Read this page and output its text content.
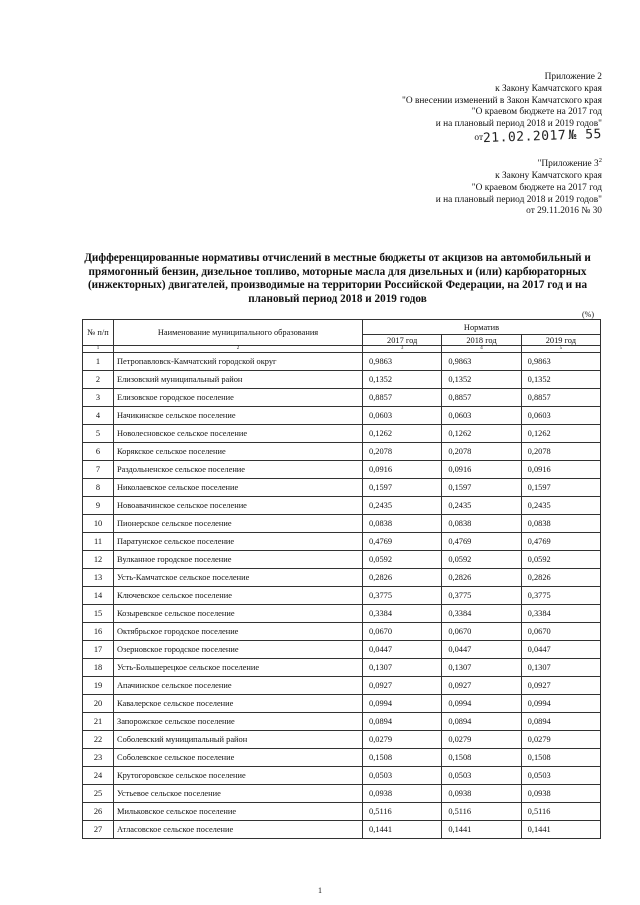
Приложение 2
к Закону Камчатского края
"О внесении изменений в Закон Камчатского края
"О краевом бюджете на 2017 год
и на плановый период 2018 и 2019 годов"
от21.02.2017 № 55
"Приложение $3^2$
к Закону Камчатского края
"О краевом бюджете на 2017 год
и на плановый период 2018 и 2019 годов"
от 29.11.2016 № 30
Дифференцированные нормативы отчислений в местные бюджеты от акцизов на автомобильный и прямогонный бензин, дизельное топливо, моторные масла для дизельных и (или) карбюраторных (инжекторных) двигателей, производимые на территории Российской Федерации, на 2017 год и на плановый период 2018 и 2019 годов
(%)
№ п/п	Наименование муниципального образования	Норматив		
		2017 год	2018 год	2019 год
1	2	3	4	5
1	Петропавловск-Камчатский городской округ	0,9863	0,9863	0,9863
2	Елизовский муниципальный район	0,1352	0,1352	0,1352
3	Елизовское городское поселение	0,8857	0,8857	0,8857
4	Начикинское сельское поселение	0,0603	0,0603	0,0603
5	Новолесновское сельское поселение	0,1262	0,1262	0,1262
6	Корякское сельское поселение	0,2078	0,2078	0,2078
7	Раздольненское сельское поселение	0,0916	0,0916	0,0916
8	Николаевское сельское поселение	0,1597	0,1597	0,1597
9	Новоавачинское сельское поселение	0,2435	0,2435	0,2435
10	Пионерское сельское поселение	0,0838	0,0838	0,0838
11	Паратунское сельское поселение	0,4769	0,4769	0,4769
12	Вулканное городское поселение	0,0592	0,0592	0,0592
13	Усть-Камчатское сельское поселение	0,2826	0,2826	0,2826
14	Ключевское сельское поселение	0,3775	0,3775	0,3775
15	Козыревское сельское поселение	0,3384	0,3384	0,3384
16	Октябрьское городское поселение	0,0670	0,0670	0,0670
17	Озерновское городское поселение	0,0447	0,0447	0,0447
18	Усть-Большерецкое сельское поселение	0,1307	0,1307	0,1307
19	Апачинское сельское поселение	0,0927	0,0927	0,0927
20	Кавалерское сельское поселение	0,0994	0,0994	0,0994
21	Запорожское сельское поселение	0,0894	0,0894	0,0894
22	Соболевский муниципальный район	0,0279	0,0279	0,0279
23	Соболевское сельское поселение	0,1508	0,1508	0,1508
24	Крутогоровское сельское поселение	0,0503	0,0503	0,0503
25	Устьевое сельское поселение	0,0938	0,0938	0,0938
26	Мильковское сельское поселение	0,5116	0,5116	0,5116
27	Атласовское сельское поселение	0,1441	0,1441	0,1441
1
